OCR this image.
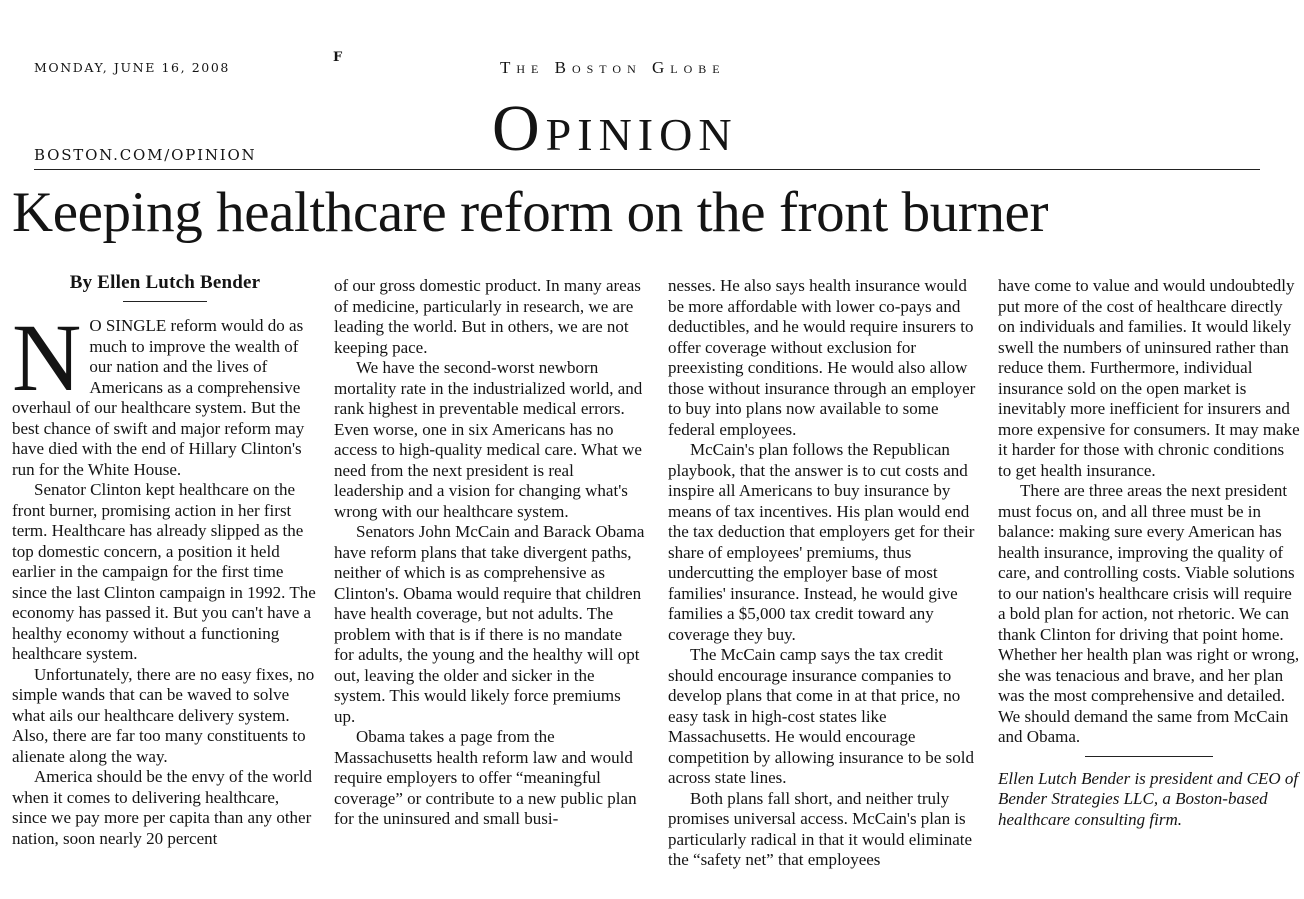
MONDAY, JUNE 16, 2008
F
The Boston Globe
Opinion
BOSTON.COM/OPINION
Keeping healthcare reform on the front burner
By Ellen Lutch Bender

N O SINGLE reform would do as much to improve the wealth of our nation and the lives of Americans as a comprehensive overhaul of our healthcare system. But the best chance of swift and major reform may have died with the end of Hillary Clinton's run for the White House.

Senator Clinton kept healthcare on the front burner, promising action in her first term. Healthcare has already slipped as the top domestic concern, a position it held earlier in the campaign for the first time since the last Clinton campaign in 1992. The economy has passed it. But you can't have a healthy economy without a functioning healthcare system.

Unfortunately, there are no easy fixes, no simple wands that can be waved to solve what ails our healthcare delivery system. Also, there are far too many constituents to alienate along the way.

America should be the envy of the world when it comes to delivering healthcare, since we pay more per capita than any other nation, soon nearly 20 percent

of our gross domestic product. In many areas of medicine, particularly in research, we are leading the world. But in others, we are not keeping pace.

We have the second-worst newborn mortality rate in the industrialized world, and rank highest in preventable medical errors. Even worse, one in six Americans has no access to high-quality medical care. What we need from the next president is real leadership and a vision for changing what's wrong with our healthcare system.

Senators John McCain and Barack Obama have reform plans that take divergent paths, neither of which is as comprehensive as Clinton's. Obama would require that children have health coverage, but not adults. The problem with that is if there is no mandate for adults, the young and the healthy will opt out, leaving the older and sicker in the system. This would likely force premiums up.

Obama takes a page from the Massachusetts health reform law and would require employers to offer “meaningful coverage” or contribute to a new public plan for the uninsured and small busi-

nesses. He also says health insurance would be more affordable with lower co-pays and deductibles, and he would require insurers to offer coverage without exclusion for preexisting conditions. He would also allow those without insurance through an employer to buy into plans now available to some federal employees.

McCain's plan follows the Republican playbook, that the answer is to cut costs and inspire all Americans to buy insurance by means of tax incentives. His plan would end the tax deduction that employers get for their share of employees' premiums, thus undercutting the employer base of most families' insurance. Instead, he would give families a $5,000 tax credit toward any coverage they buy.

The McCain camp says the tax credit should encourage insurance companies to develop plans that come in at that price, no easy task in high-cost states like Massachusetts. He would encourage competition by allowing insurance to be sold across state lines.

Both plans fall short, and neither truly promises universal access. McCain's plan is particularly radical in that it would eliminate the “safety net” that employees

have come to value and would undoubtedly put more of the cost of healthcare directly on individuals and families. It would likely swell the numbers of uninsured rather than reduce them. Furthermore, individual insurance sold on the open market is inevitably more inefficient for insurers and more expensive for consumers. It may make it harder for those with chronic conditions to get health insurance.

There are three areas the next president must focus on, and all three must be in balance: making sure every American has health insurance, improving the quality of care, and controlling costs. Viable solutions to our nation's healthcare crisis will require a bold plan for action, not rhetoric. We can thank Clinton for driving that point home. Whether her health plan was right or wrong, she was tenacious and brave, and her plan was the most comprehensive and detailed. We should demand the same from McCain and Obama.

Ellen Lutch Bender is president and CEO of Bender Strategies LLC, a Boston-based healthcare consulting firm.
